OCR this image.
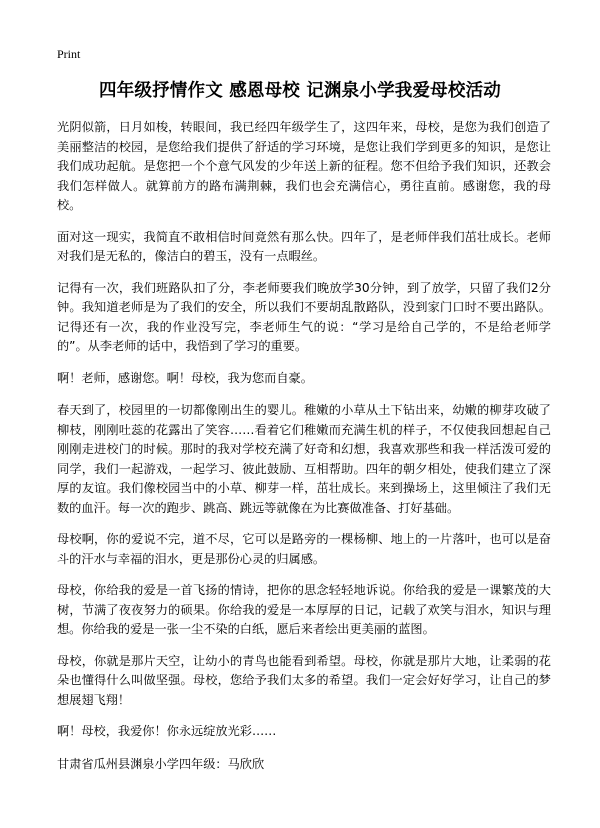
Print
四年级抒情作文 感恩母校 记渊泉小学我爱母校活动

光阴似箭，日月如梭，转眼间，我已经四年级学生了，这四年来，母校，是您为我们创造了美丽整洁的校园，是您给我们提供了舒适的学习环境，是您让我们学到更多的知识，是您让我们成功起航。是您把一个个意气风发的少年送上新的征程。您不但给予我们知识，还教会我们怎样做人。就算前方的路布满荆棘，我们也会充满信心，勇往直前。感谢您，我的母校。

面对这一现实，我简直不敢相信时间竟然有那么快。四年了，是老师伴我们茁壮成长。老师对我们是无私的，像洁白的碧玉，没有一点暇丝。

记得有一次，我们班路队扣了分，李老师要我们晚放学30分钟，到了放学，只留了我们2分钟。我知道老师是为了我们的安全，所以我们不要胡乱散路队，没到家门口时不要出路队。记得还有一次，我的作业没写完，李老师生气的说：“学习是给自己学的，不是给老师学的”。从李老师的话中，我悟到了学习的重要。

啊！老师，感谢您。啊！母校，我为您而自豪。

春天到了，校园里的一切都像刚出生的婴儿。稚嫩的小草从土下钻出来，幼嫩的柳芽攻破了柳枝，刚刚吐蕊的花露出了笑容……看着它们稚嫩而充满生机的样子，不仅使我回想起自己刚刚走进校门的时候。那时的我对学校充满了好奇和幻想，我喜欢那些和我一样活泼可爱的同学，我们一起游戏，一起学习、彼此鼓励、互相帮助。四年的朝夕相处，使我们建立了深厚的友谊。我们像校园当中的小草、柳芽一样，茁壮成长。来到操场上，这里倾注了我们无数的血汗。每一次的跑步、跳高、跳远等就像在为比赛做准备、打好基础。

母校啊，你的爱说不完，道不尽，它可以是路旁的一棵杨柳、地上的一片落叶，也可以是奋斗的汗水与幸福的泪水，更是那份心灵的归属感。

母校，你给我的爱是一首飞扬的情诗，把你的思念轻轻地诉说。你给我的爱是一课繁茂的大树，节满了夜夜努力的硕果。你给我的爱是一本厚厚的日记，记载了欢笑与泪水，知识与理想。你给我的爱是一张一尘不染的白纸，愿后来者绘出更美丽的蓝图。

母校，你就是那片天空，让幼小的青鸟也能看到希望。母校，你就是那片大地，让柔弱的花朵也懂得什么叫做坚强。母校，您给予我们太多的希望。我们一定会好好学习，让自己的梦想展翅飞翔！

啊！母校，我爱你！你永远绽放光彩……

甘肃省瓜州县渊泉小学四年级：马欣欣
